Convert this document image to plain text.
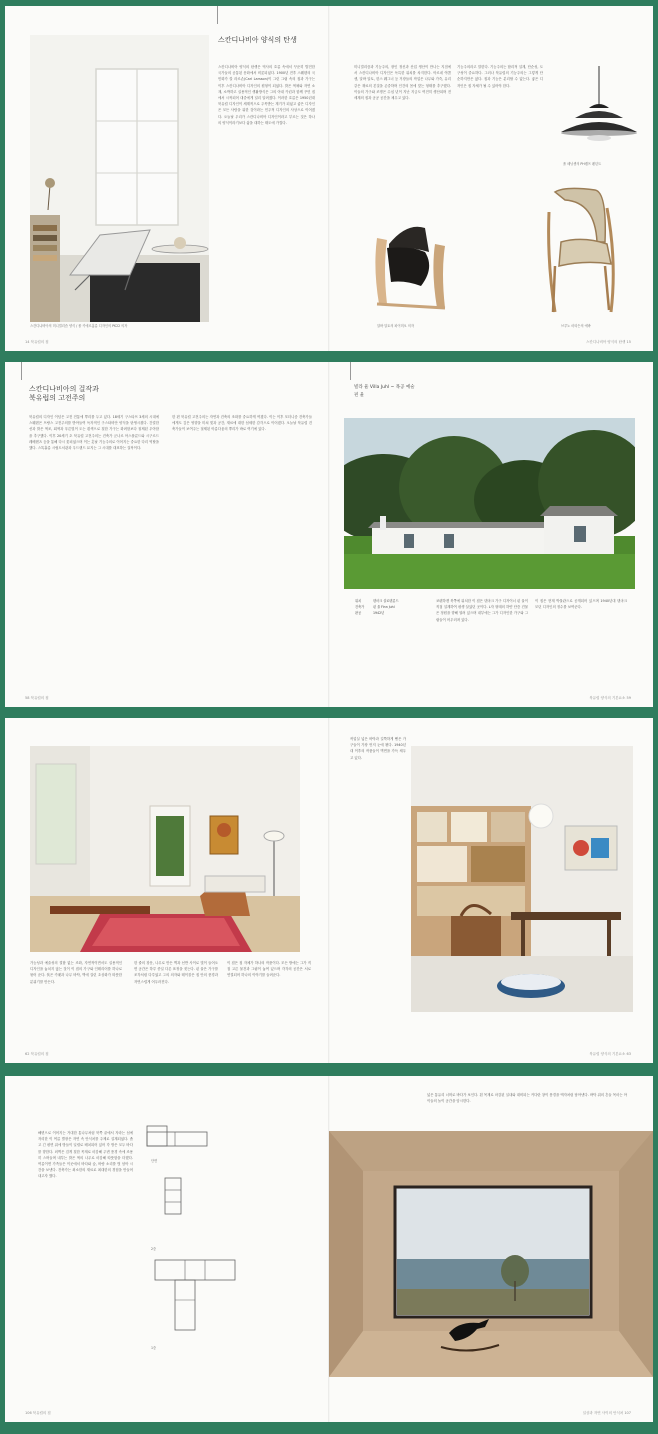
스칸디나비아의 미니멀리즘 양식 / 폴 키에르홀름 디자인의 PK22 의자
스칸디나비아 양식의 탄생
스칸디나비아 양식의 탄생은 역사의 흐름 속에서 꾸준히 발전한 국가들의 공통된 문화에서 비롯되었다. 1900년 전후 스웨덴의 국민화가 칼 라르손(Carl Larsson)이 그린 그림 속의 집과 가구는 이후 스칸디나비아 디자인의 원형이 되었다. 밝은 색채와 자연 소재, 소박하고 실용적인 생활방식은 그의 아내 카린과 함께 꾸민 집에서 시작되어 대중에게 널리 알려졌다. 이러한 흐름은 1950년대 북유럽 디자인이 세계적으로 주목받는 계기가 되었고 좋은 디자인은 모든 사람을 위한 것이라는 민주적 디자인의 사상으로 이어졌다. 오늘날 우리가 스칸디나비아 디자인이라고 부르는 것은 하나의 양식이라기보다 삶을 대하는 태도에 가깝다.
미니멀리즘과 기능주의, 장인 정신과 산업 생산이 만나는 지점에서 스칸디나비아 디자인은 독특한 위치를 차지한다. 아르네 야콥센, 알바 알토, 한스 웨그너 등 거장들의 작업은 나무와 가죽, 유리 같은 재료의 본질을 존중하며 인간의 몸에 맞는 형태를 추구했다. 이들의 가구와 조명은 수십 년이 지난 지금도 여전히 생산되며 전 세계의 집과 공공 공간을 채우고 있다.
기능주의라고 말한다. 기능주의는 합리적 설계, 단순성, 도구성이 중요하다. 그러나 북유럽의 기능주의는 그렇게 단순하지만은 않다. 집과 기능은 분리할 수 없는다. 좋은 디자인은 집 자체가 될 수 있어야 한다.
폴 헤닝센의 PH램프 펜던트
알바 알토의 파이미오 의자	브루노 마티슨의 에바
14 북유럽의 집	스칸디나비아 양식의 탄생 15
스칸디나비아의 걸작과
북유럽의 고전주의
북유럽의 디자인 이념은 고전 전통에 뿌리를 두고 있다. 18세기 구스타프 3세의 시대에 스웨덴은 프랑스 고전주의를 받아들여 독자적인 구스타비안 양식을 탄생시켰다. 간결한 선과 밝은 색조, 회색과 푸른빛이 도는 흰색으로 칠한 가구는 화려함보다 절제된 우아함을 추구했다. 이후 20세기 초 북유럽 고전주의는 건축가 군나르 아스플룬드와 시구르드 레베렌츠 등을 통해 다시 꽃피었으며 이는 훗날 기능주의로 이어지는 중요한 다리 역할을 했다. 스톡홀름 시립도서관과 우드랜드 묘지는 그 시대를 대표하는 걸작이다.
한 편 북유럽 고전주의는 자연과 건축의 조화를 중요하게 여겼다. 이는 이후 모더니즘 건축가들에게도 깊은 영향을 미쳐 빛과 공간, 재료에 대한 섬세한 감각으로 이어졌다. 오늘날 북유럽 건축가들이 보여주는 절제된 아름다움의 뿌리가 바로 여기에 있다.
빌라 율 Villa Juhl ~ 목공 예술
핀 율
위치	덴마크 샬로텐룬드
건축가	핀 율 Finn Juhl
완공	1942년
코펜하겐 북쪽에 위치한 이 집은 덴마크 가구 디자이너 핀 율이 직접 설계하여 평생 살았던 곳이다. L자 형태의 하얀 단층 건물은 정원을 향해 열려 있으며 내부에는 그가 디자인한 가구와 그림들이 어우러져 있다.
이 집은 현재 박물관으로 공개되어 있으며 1940년대 덴마크 모던 디자인의 정수를 보여준다.
58 북유럽의 집	북유럽 양식의 기본요소 59
가능성과 예술성의 결합 없는 조화, 자연적이면서도 실용적인 디자인을 놓치지 않는 것이 이 집의 가구와 인테리어를 하나로 묶어 준다. 붉은 카펫과 나무 바닥, 벽에 걸린 초상화가 따뜻한 분위기를 만든다.
한 줄의 창문, 나무로 만든 벽과 선반 사이로 빛이 들어오면 공간은 하루 종일 다른 표정을 짓는다. 핀 율은 가구를 조각처럼 다루었고 그의 의자와 테이블은 집 안의 풍경과 자연스럽게 어우러진다.
이 집은 집 자체가 하나의 작품이다. 모든 방에는 그가 직접 고른 물건과 그림이 놓여 있으며 각각의 공간은 서로 연결되어 하나의 이야기를 들려준다.
작업실 넓은 바닥과 길쭉하게 뻗은 가구들이 가장 먼저 눈에 띈다. 1940년대 이후의 작품들이 벽면을 가득 채우고 있다.
62 북유럽의 집	북유럽 양식의 기본요소 63
해변으로 이어지는 거대한 통나무처럼 북쪽 끝에서 자라는 섬에 자리한 이 여름 별장은 자연 속 안식처를 주제로 설계되었다. 좁고 긴 평면 위에 방들이 일렬로 배치되어 있어 각 방은 모두 바다를 향한다. 외벽은 검게 칠한 목재로 마감해 주변 풍경 속에 조용히 스며들며 내부는 밝은 색의 나무로 마감해 따뜻함을 더했다. 여름이면 가족들은 이곳에서 바다와 숲, 바람 소리를 벗 삼아 시간을 보낸다. 건축가는 최소한의 재료로 최대한의 경험을 만들어 내고자 했다.
단면
2층
1층
넓은 통유리 너머로 바다가 보인다. 흰 목재로 마감된 실내와 대비되는 커다란 창이 풍경을 액자처럼 담아낸다. 바닥 위의 흔들 목마는 아이들의 놀이 공간을 암시한다.
106 북유럽의 집	일상과 자연 사이의 안식처 107
